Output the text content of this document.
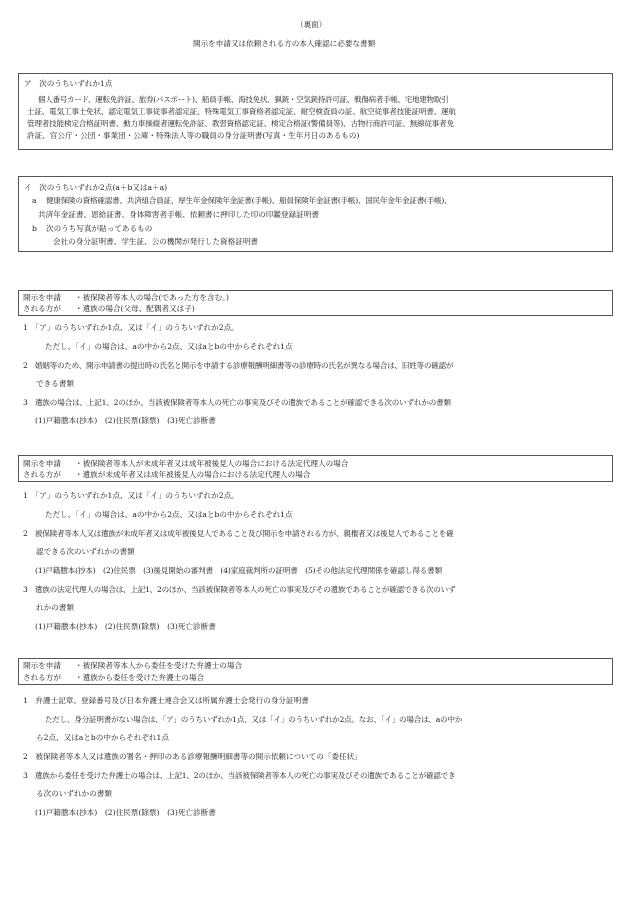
（裏面）
開示を申請又は依頼される方の本人確認に必要な書類
ア　次のうちいずれか1点
個人番号カード、運転免許証、旅券(パスポート)、船員手帳、海技免状、猟銃・空気銃持許可証、戦傷病者手帳、宅地建物取引
士証、電気工事士免状、認定電気工事従事者認定証、特殊電気工事資格者認定証、耐空検査員の証、航空従事者技能証明書、運航
管理者技能検定合格証明書、動力車操縦者運転免許証、教習資格認定証、検定合格証(警備員等)、古物行商許可証、無線従事者免
許証、官公庁・公団・事業団・公庫・特殊法人等の職員の身分証明書(写真・生年月日のあるもの)
イ　次のうちいずれか2点(a＋b又はa＋a)
a 健康保険の資格確認書、共済組合員証、厚生年金保険年金証書(手帳)、船員保険年金証書(手帳)、国民年金年金証書(手帳)、
共済年金証書、恩給証書、身体障害者手帳、依頼書に押印した印の印鑑登録証明書
b 次のうち写真が貼ってあるもの
会社の身分証明書、学生証、公の機関が発行した資格証明書
開示を申請
される方が
・被保険者等本人の場合(であった方を含む。)
・遺族の場合(父母、配偶者又は子)
1　「ア」のうちいずれか1点、又は「イ」のうちいずれか2点。
ただし、「イ」の場合は、aの中から2点、又はaとbの中からそれぞれ1点
2　婚姻等のため、開示申請書の提出時の氏名と開示を申請する診療報酬明細書等の診療時の氏名が異なる場合は、旧姓等の確認が
できる書類
3　遺族の場合は、上記1、2のほか、当該被保険者等本人の死亡の事実及びその遺族であることが確認できる次のいずれかの書類
(1)戸籍謄本(抄本)　(2)住民票(除票)　(3)死亡診断書
開示を申請
される方が
・被保険者等本人が未成年者又は成年被後見人の場合における法定代理人の場合
・遺族が未成年者又は成年被後見人の場合における法定代理人の場合
1　「ア」のうちいずれか1点、又は「イ」のうちいずれか2点。
ただし、「イ」の場合は、aの中から2点、又はaとbの中からそれぞれ1点
2　被保険者等本人又は遺族が未成年者又は成年被後見人であること及び開示を申請される方が、親権者又は後見人であることを確
認できる次のいずれかの書類
(1)戸籍謄本(抄本)　(2)住民票　(3)後見開始の審判書　(4)家庭裁判所の証明書　(5)その他法定代理関係を確認し得る書類
3　遺族の法定代理人の場合は、上記1、2のほか、当該被保険者等本人の死亡の事実及びその遺族であることが確認できる次のいず
れかの書類
(1)戸籍謄本(抄本)　(2)住民票(除票)　(3)死亡診断書
開示を申請
される方が
・被保険者等本人から委任を受けた弁護士の場合
・遺族から委任を受けた弁護士の場合
1　弁護士記章、登録番号及び日本弁護士連合会又は所属弁護士会発行の身分証明書
ただし、身分証明書がない場合は、「ア」のうちいずれか1点、又は「イ」のうちいずれか2点。なお、「イ」の場合は、aの中か
ら2点、又はaとbの中からそれぞれ1点
2　被保険者等本人又は遺族の署名・押印のある診療報酬明細書等の開示依頼についての「委任状」
3　遺族から委任を受けた弁護士の場合は、上記1、2のほか、当該被保険者等本人の死亡の事実及びその遺族であることが確認でき
る次のいずれかの書類
(1)戸籍謄本(抄本)　(2)住民票(除票)　(3)死亡診断書
